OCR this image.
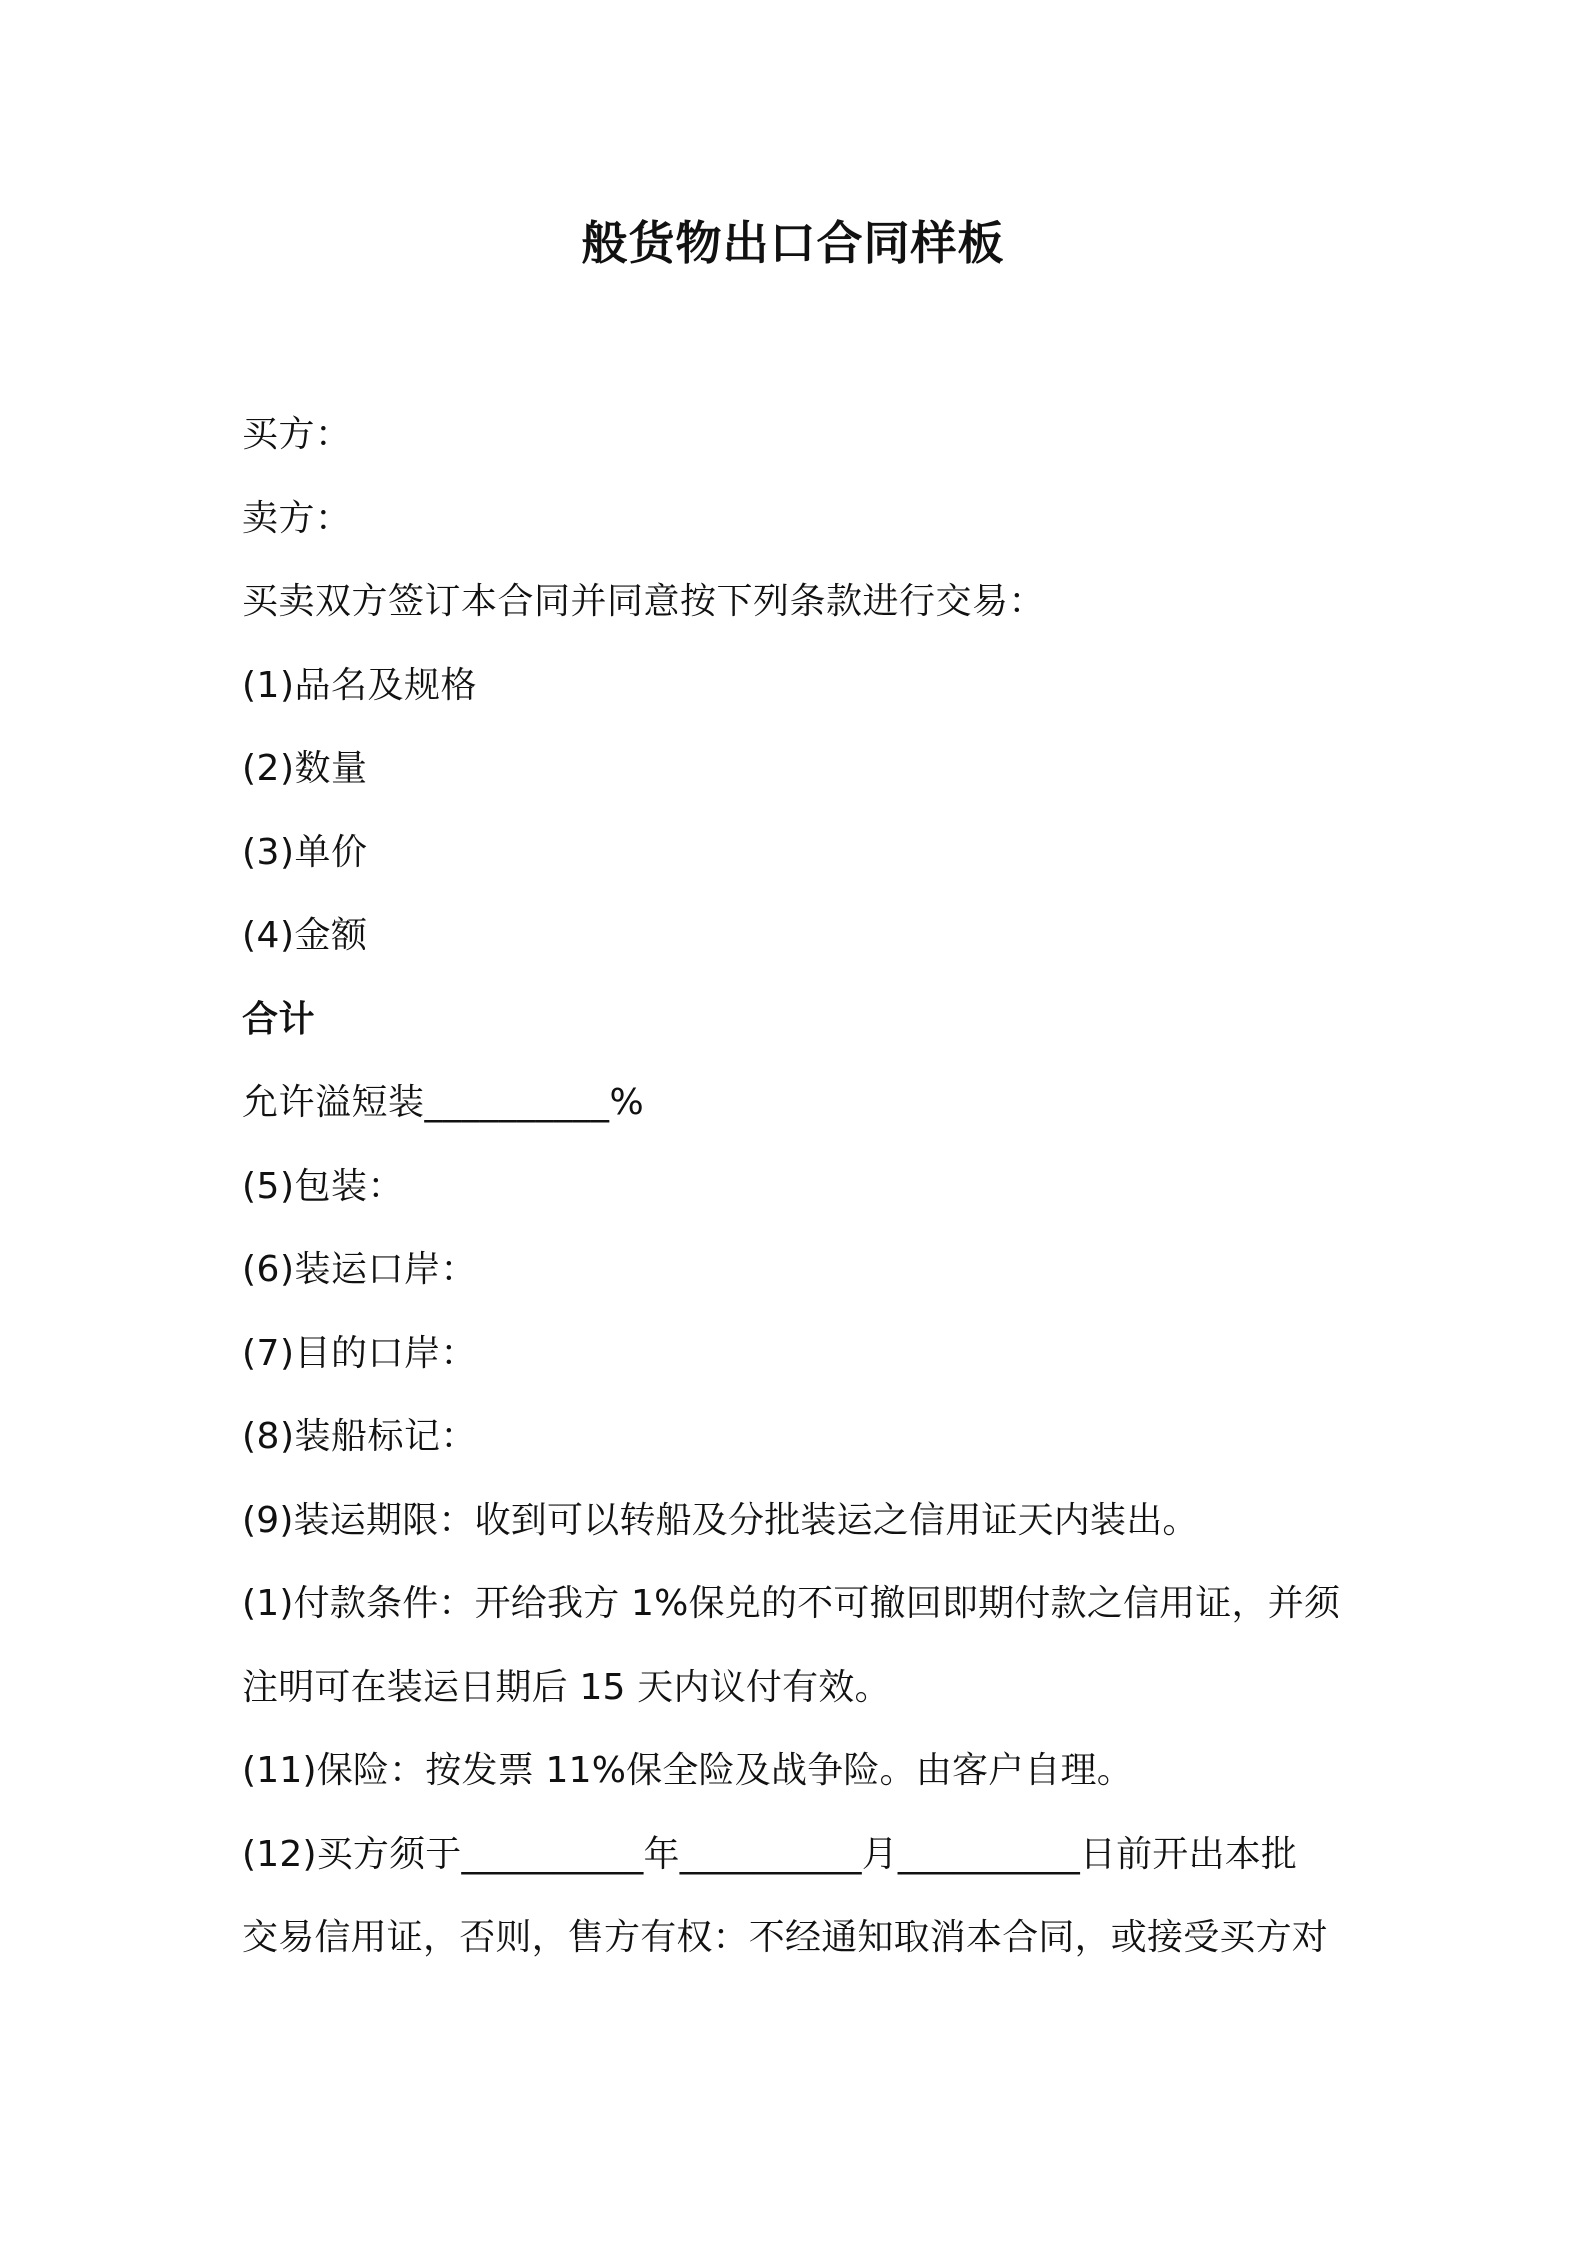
般货物出口合同样板
买方：
卖方：
买卖双方签订本合同并同意按下列条款进行交易：
(1)品名及规格
(2)数量
(3)单价
(4)金额
合计
允许溢短装__________%
(5)包装：
(6)装运口岸：
(7)目的口岸：
(8)装船标记：
(9)装运期限：收到可以转船及分批装运之信用证天内装出。
(1)付款条件：开给我方 1%保兑的不可撤回即期付款之信用证，并须
注明可在装运日期后 15 天内议付有效。
(11)保险：按发票 11%保全险及战争险。由客户自理。
(12)买方须于__________年__________月__________日前开出本批
交易信用证，否则，售方有权：不经通知取消本合同，或接受买方对
